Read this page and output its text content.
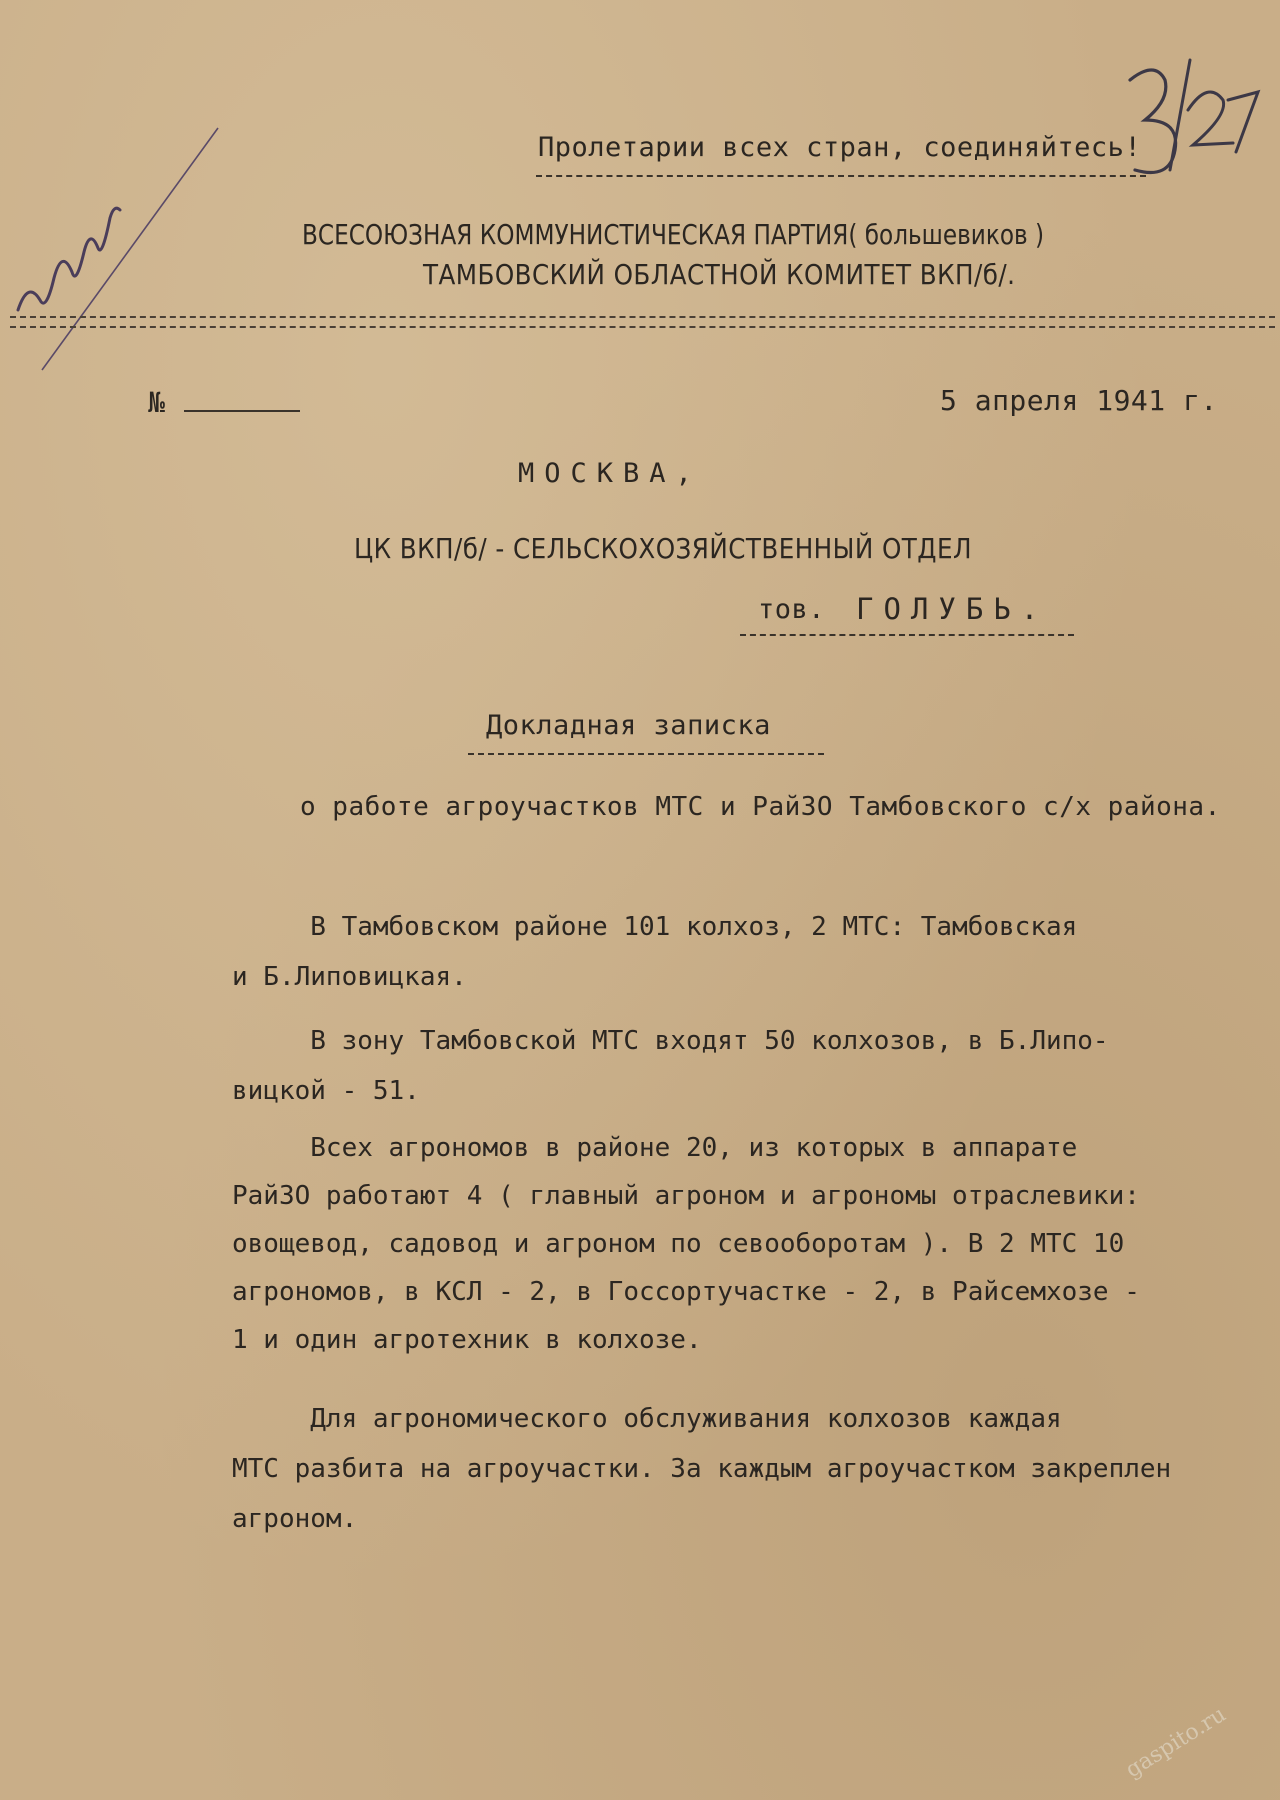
Пролетарии всех стран, соединяйтесь!
ВСЕСОЮЗНАЯ КОММУНИСТИЧЕСКАЯ ПАРТИЯ( большевиков )
ТАМБОВСКИЙ ОБЛАСТНОЙ КОМИТЕТ ВКП/б/.
№	5 апреля 1941 г.
МОСКВА,
ЦК ВКП/б/ - СЕЛЬСКОХОЗЯЙСТВЕННЫЙ ОТДЕЛ
тов. ГОЛУБЬ.
Докладная записка
о работе агроучастков МТС и РайЗО Тамбовского с/х района.
В Тамбовском районе 101 колхоз, 2 МТС: Тамбовская
и Б.Липовицкая.
В зону Тамбовской МТС входят 50 колхозов, в Б.Липо-
вицкой - 51.
Всех агрономов в районе 20, из которых в аппарате
РайЗО работают 4 ( главный агроном и агрономы отраслевики:
овощевод, садовод и агроном по севооборотам ). В 2 МТС 10
агрономов, в КСЛ - 2, в Госсортучастке - 2, в Райсемхозе -
1 и один агротехник в колхозе.
Для агрономического обслуживания колхозов каждая
МТС разбита на агроучастки. За каждым агроучастком закреплен
агроном.
gaspito.ru
